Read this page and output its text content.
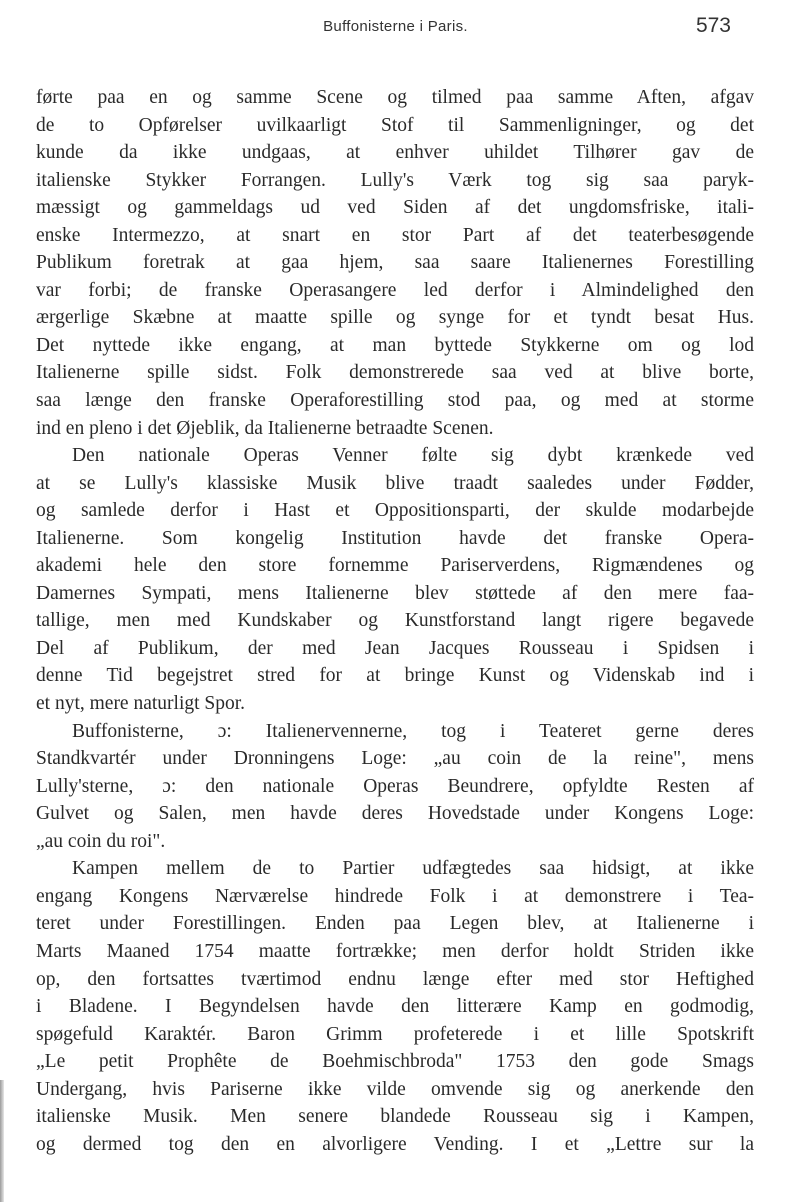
Buffonisterne i Paris.	573
førte paa en og samme Scene og tilmed paa samme Aften, afgav
de to Opførelser uvilkaarligt Stof til Sammenligninger, og det
kunde da ikke undgaas, at enhver uhildet Tilhører gav de
italienske Stykker Forrangen. Lully's Værk tog sig saa paryk-
mæssigt og gammeldags ud ved Siden af det ungdomsfriske, itali-
enske Intermezzo, at snart en stor Part af det teaterbesøgende
Publikum foretrak at gaa hjem, saa saare Italienernes Forestilling
var forbi; de franske Operasangere led derfor i Almindelighed den
ærgerlige Skæbne at maatte spille og synge for et tyndt besat Hus.
Det nyttede ikke engang, at man byttede Stykkerne om og lod
Italienerne spille sidst. Folk demonstrerede saa ved at blive borte,
saa længe den franske Operaforestilling stod paa, og med at storme
ind en pleno i det Øjeblik, da Italienerne betraadte Scenen.
Den nationale Operas Venner følte sig dybt krænkede ved
at se Lully's klassiske Musik blive traadt saaledes under Fødder,
og samlede derfor i Hast et Oppositionsparti, der skulde modarbejde
Italienerne. Som kongelig Institution havde det franske Opera-
akademi hele den store fornemme Pariserverdens, Rigmændenes og
Damernes Sympati, mens Italienerne blev støttede af den mere faa-
tallige, men med Kundskaber og Kunstforstand langt rigere begavede
Del af Publikum, der med Jean Jacques Rousseau i Spidsen i
denne Tid begejstret stred for at bringe Kunst og Videnskab ind i
et nyt, mere naturligt Spor.
Buffonisterne, ɔ: Italienervennerne, tog i Teateret gerne deres
Standkvartér under Dronningens Loge: „au coin de la reine", mens
Lully'sterne, ɔ: den nationale Operas Beundrere, opfyldte Resten af
Gulvet og Salen, men havde deres Hovedstade under Kongens Loge:
„au coin du roi".
Kampen mellem de to Partier udfægtedes saa hidsigt, at ikke
engang Kongens Nærværelse hindrede Folk i at demonstrere i Tea-
teret under Forestillingen. Enden paa Legen blev, at Italienerne i
Marts Maaned 1754 maatte fortrække; men derfor holdt Striden ikke
op, den fortsattes tværtimod endnu længe efter med stor Heftighed
i Bladene. I Begyndelsen havde den litterære Kamp en godmodig,
spøgefuld Karaktér. Baron Grimm profeterede i et lille Spotskrift
„Le petit Prophête de Boehmischbroda" 1753 den gode Smags
Undergang, hvis Pariserne ikke vilde omvende sig og anerkende den
italienske Musik. Men senere blandede Rousseau sig i Kampen,
og dermed tog den en alvorligere Vending. I et „Lettre sur la
